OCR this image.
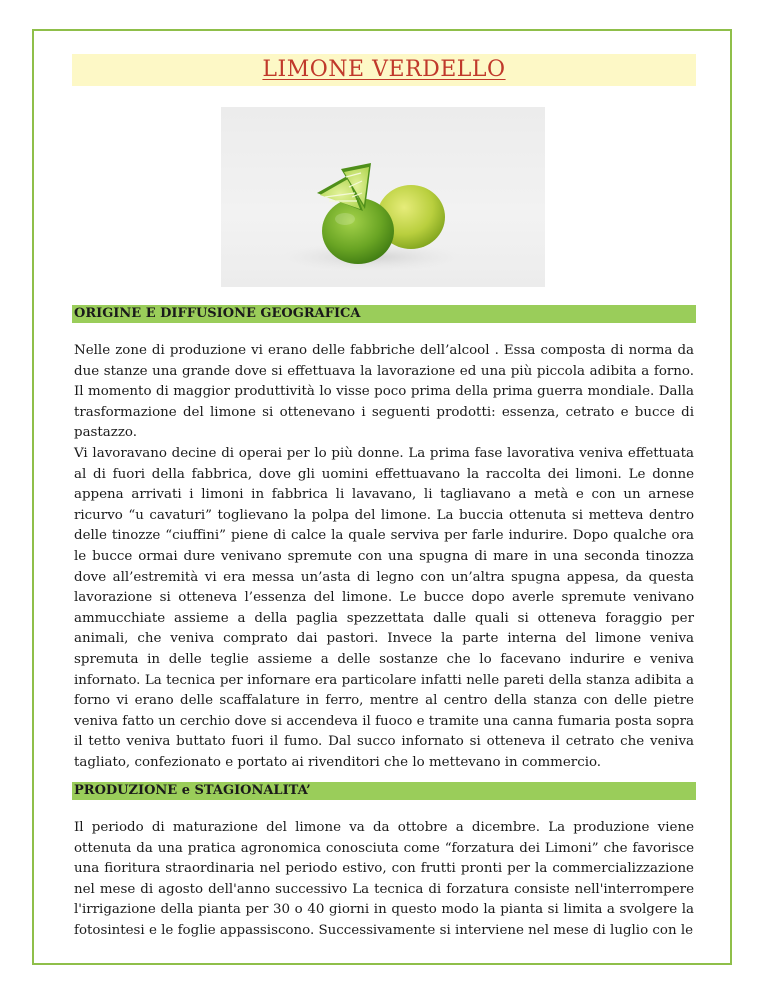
LIMONE VERDELLO
ORIGINE E DIFFUSIONE GEOGRAFICA

Nelle zone di produzione vi erano delle fabbriche dell’alcool . Essa composta di norma da due stanze una grande dove si effettuava la lavorazione ed una più piccola adibita a forno. Il momento di maggior produttività lo visse poco prima della prima guerra mondiale. Dalla trasformazione del limone si ottenevano i seguenti prodotti: essenza, cetrato e bucce di pastazzo.

Vi lavoravano decine di operai per lo più donne. La prima fase lavorativa veniva effettuata al di fuori della fabbrica, dove gli uomini effettuavano la raccolta dei limoni. Le donne appena arrivati i limoni in fabbrica li lavavano, li tagliavano a metà e con un arnese ricurvo “u cavaturi” toglievano la polpa del limone. La buccia ottenuta si metteva dentro delle tinozze “ciuffini” piene di calce la quale serviva per farle indurire. Dopo qualche ora le bucce ormai dure venivano spremute con una spugna di mare in una seconda tinozza dove all’estremità vi era messa un’asta di legno con un’altra spugna appesa, da questa lavorazione si otteneva l’essenza del limone. Le bucce dopo averle spremute venivano ammucchiate assieme a della paglia spezzettata dalle quali si otteneva foraggio per animali, che veniva comprato dai pastori. Invece la parte interna del limone veniva spremuta in delle teglie assieme a delle sostanze che lo facevano indurire e veniva infornato. La tecnica per infornare era particolare infatti nelle pareti della stanza adibita a forno vi erano delle scaffalature in ferro, mentre al centro della stanza con delle pietre veniva fatto un cerchio dove si accendeva il fuoco e tramite una canna fumaria posta sopra il tetto veniva buttato fuori il fumo. Dal succo infornato si otteneva il cetrato che veniva tagliato, confezionato e portato ai rivenditori che lo mettevano in commercio.

PRODUZIONE e STAGIONALITA’

Il periodo di maturazione del limone va da ottobre a dicembre. La produzione viene ottenuta da una pratica agronomica conosciuta come “forzatura dei Limoni” che favorisce una fioritura straordinaria nel periodo estivo, con frutti pronti per la commercializzazione nel mese di agosto dell'anno successivo La tecnica di forzatura consiste nell'interrompere l'irrigazione della pianta per 30 o 40 giorni in questo modo la pianta si limita a svolgere la fotosintesi e le foglie appassiscono. Successivamente si interviene nel mese di luglio con le
